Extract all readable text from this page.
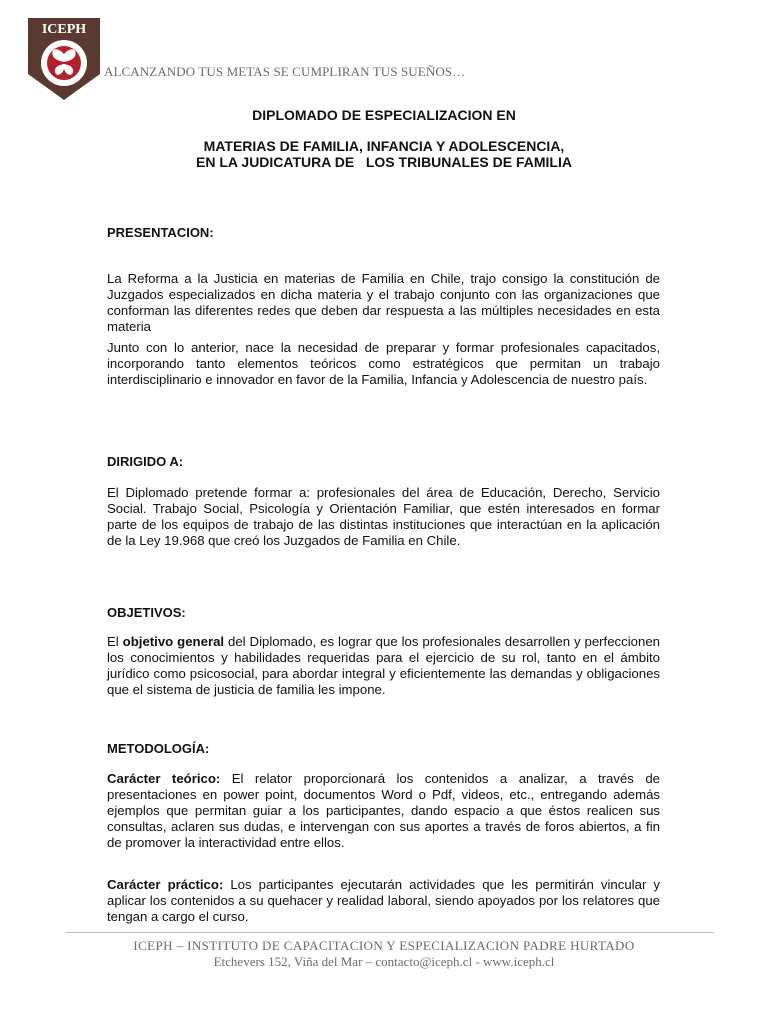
ICEPH
ALCANZANDO TUS METAS SE CUMPLIRAN TUS SUEÑOS…
DIPLOMADO DE ESPECIALIZACION EN
MATERIAS DE FAMILIA, INFANCIA Y ADOLESCENCIA,
EN LA JUDICATURA DE   LOS TRIBUNALES DE FAMILIA
PRESENTACION:
La Reforma a la Justicia en materias de Familia en Chile, trajo consigo la constitución de Juzgados especializados en dicha materia y el trabajo conjunto con las organizaciones que conforman las diferentes redes que deben dar respuesta a las múltiples necesidades en esta materia
Junto con lo anterior, nace la necesidad de preparar y formar profesionales capacitados, incorporando tanto elementos teóricos como estratégicos que permitan un trabajo interdisciplinario e innovador en favor de la Familia, Infancia y Adolescencia de nuestro país.
DIRIGIDO A:
El Diplomado pretende formar a: profesionales del área de Educación, Derecho, Servicio Social. Trabajo Social, Psicología y Orientación Familiar, que estén interesados en formar parte de los equipos de trabajo de las distintas instituciones que interactúan en la aplicación de la Ley 19.968 que creó los Juzgados de Familia en Chile.
OBJETIVOS:
El objetivo general del Diplomado, es lograr que los profesionales desarrollen y perfeccionen los conocimientos y habilidades requeridas para el ejercicio de su rol, tanto en el ámbito jurídico como psicosocial, para abordar integral y eficientemente las demandas y obligaciones que el sistema de justicia de familia les impone.
METODOLOGÍA:
Carácter teórico: El relator proporcionará los contenidos a analizar, a través de presentaciones en power point, documentos Word o Pdf, videos, etc., entregando además ejemplos que permitan guiar a los participantes, dando espacio a que éstos realicen sus consultas, aclaren sus dudas, e intervengan con sus aportes a través de foros abiertos, a fin de promover la interactividad entre ellos.
Carácter práctico: Los participantes ejecutarán actividades que les permitirán vincular y aplicar los contenidos a su quehacer y realidad laboral, siendo apoyados por los relatores que tengan a cargo el curso.
ICEPH – INSTITUTO DE CAPACITACION Y ESPECIALIZACION PADRE HURTADO
Etchevers 152, Viña del Mar – contacto@iceph.cl - www.iceph.cl
